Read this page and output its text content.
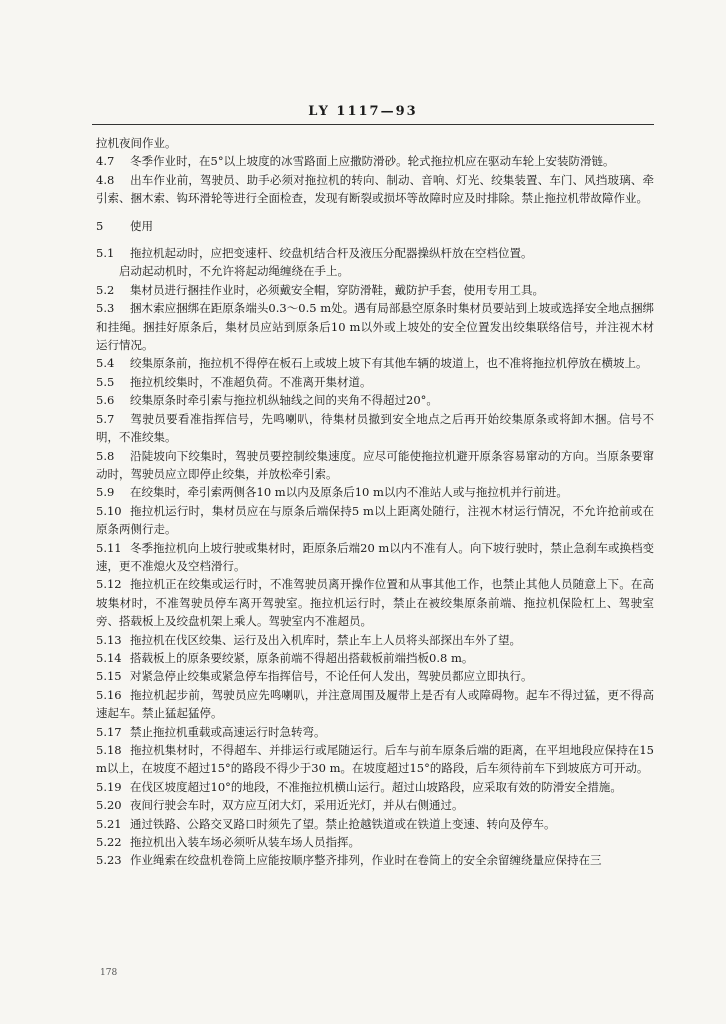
LY 1117—93

拉机夜间作业。

4.7 冬季作业时，在5°以上坡度的冰雪路面上应撒防滑砂。轮式拖拉机应在驱动车轮上安装防滑链。

4.8 出车作业前，驾驶员、助手必须对拖拉机的转向、制动、音响、灯光、绞集装置、车门、风挡玻璃、牵引索、捆木索、钩环滑轮等进行全面检查，发现有断裂或损坏等故障时应及时排除。禁止拖拉机带故障作业。

5 使用

5.1 拖拉机起动时，应把变速杆、绞盘机结合杆及液压分配器操纵杆放在空档位置。

启动起动机时，不允许将起动绳缠绕在手上。

5.2 集材员进行捆挂作业时，必须戴安全帽，穿防滑鞋，戴防护手套，使用专用工具。

5.3 捆木索应捆绑在距原条端头0.3～0.5 m处。遇有局部悬空原条时集材员要站到上坡或选择安全地点捆绑和挂绳。捆挂好原条后，集材员应站到原条后10 m以外或上坡处的安全位置发出绞集联络信号，并注视木材运行情况。

5.4 绞集原条前，拖拉机不得停在板石上或坡上坡下有其他车辆的坡道上，也不准将拖拉机停放在横坡上。

5.5 拖拉机绞集时，不准超负荷。不准离开集材道。

5.6 绞集原条时牵引索与拖拉机纵轴线之间的夹角不得超过20°。

5.7 驾驶员要看准指挥信号，先鸣喇叭，待集材员撤到安全地点之后再开始绞集原条或将卸木捆。信号不明，不准绞集。

5.8 沿陡坡向下绞集时，驾驶员要控制绞集速度。应尽可能使拖拉机避开原条容易窜动的方向。当原条要窜动时，驾驶员应立即停止绞集，并放松牵引索。

5.9 在绞集时，牵引索两侧各10 m以内及原条后10 m以内不准站人或与拖拉机并行前进。

5.10 拖拉机运行时，集材员应在与原条后端保持5 m以上距离处随行，注视木材运行情况，不允许抢前或在原条两侧行走。

5.11 冬季拖拉机向上坡行驶或集材时，距原条后端20 m以内不准有人。向下坡行驶时，禁止急刹车或换档变速，更不准熄火及空档滑行。

5.12 拖拉机正在绞集或运行时，不准驾驶员离开操作位置和从事其他工作，也禁止其他人员随意上下。在高坡集材时，不准驾驶员停车离开驾驶室。拖拉机运行时，禁止在被绞集原条前端、拖拉机保险杠上、驾驶室旁、搭载板上及绞盘机架上乘人。驾驶室内不准超员。

5.13 拖拉机在伐区绞集、运行及出入机库时，禁止车上人员将头部探出车外了望。

5.14 搭载板上的原条要绞紧，原条前端不得超出搭载板前端挡板0.8 m。

5.15 对紧急停止绞集或紧急停车指挥信号，不论任何人发出，驾驶员都应立即执行。

5.16 拖拉机起步前，驾驶员应先鸣喇叭，并注意周围及履带上是否有人或障碍物。起车不得过猛，更不得高速起车。禁止猛起猛停。

5.17 禁止拖拉机重载或高速运行时急转弯。

5.18 拖拉机集材时，不得超车、并排运行或尾随运行。后车与前车原条后端的距离，在平坦地段应保持在15 m以上，在坡度不超过15°的路段不得少于30 m。在坡度超过15°的路段，后车须待前车下到坡底方可开动。

5.19 在伐区坡度超过10°的地段，不准拖拉机横山运行。超过山坡路段，应采取有效的防滑安全措施。

5.20 夜间行驶会车时，双方应互闭大灯，采用近光灯，并从右侧通过。

5.21 通过铁路、公路交叉路口时须先了望。禁止抢越铁道或在铁道上变速、转向及停车。

5.22 拖拉机出入装车场必须听从装车场人员指挥。

5.23 作业绳索在绞盘机卷筒上应能按顺序整齐排列，作业时在卷筒上的安全余留缠绕量应保持在三

178
